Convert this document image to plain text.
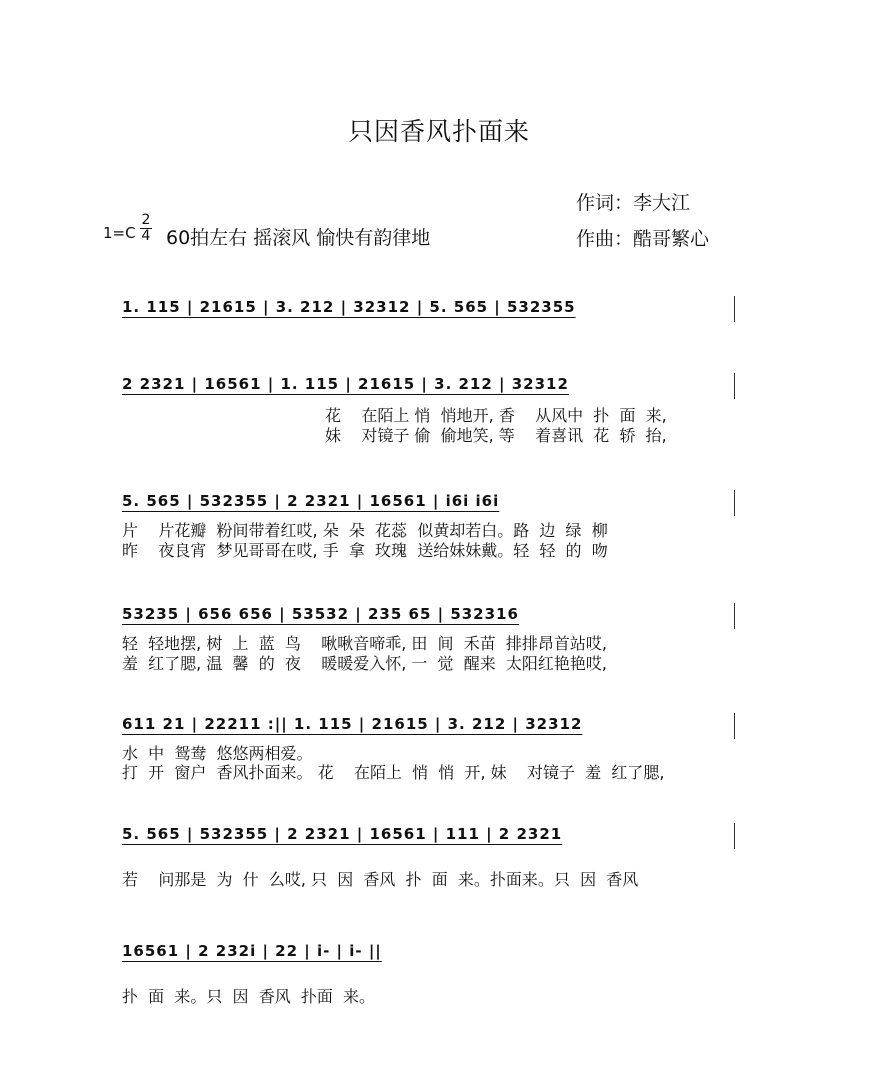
只因香风扑面来
作词：李大江
作曲：酷哥繁心
1=C
2
4 60拍左右 摇滚风 愉快有韵律地
1. 115 | 21615 | 3. 212 | 32312 | 5. 565 | 532355
2 2321 | 16561 | 1. 115 | 21615 | 3. 212 | 32312
花    在陌上 悄  悄地开, 香    从风中  扑  面  来,
妹    对镜子 偷  偷地笑, 等    着喜讯  花  轿  抬,
5. 565 | 532355 | 2 2321 | 16561 | i6i i6i
片    片花瓣  粉间带着红哎, 朵  朵  花蕊  似黄却若白。路  边  绿  柳
昨    夜良宵  梦见哥哥在哎, 手  拿  玫瑰  送给妹妹戴。轻  轻  的  吻
53235 | 656 656 | 53532 | 235 65 | 532316
轻  轻地摆, 树  上  蓝  鸟    啾啾音啼乖, 田  间  禾苗  排排昂首站哎,
羞  红了腮, 温  馨  的  夜    暖暖爱入怀, 一  觉  醒来  太阳红艳艳哎,
611 21 | 22211 :|| 1. 115 | 21615 | 3. 212 | 32312
水  中  鸳鸯  悠悠两相爱。
打  开  窗户  香风扑面来。 花    在陌上  悄  悄  开, 妹    对镜子  羞  红了腮,
5. 565 | 532355 | 2 2321 | 16561 | 111 | 2 2321
若    问那是  为  什  么哎, 只  因  香风  扑  面  来。扑面来。只  因  香风
16561 | 2 232i | 22 | i- | i- ||
扑  面  来。只  因  香风  扑面  来。
